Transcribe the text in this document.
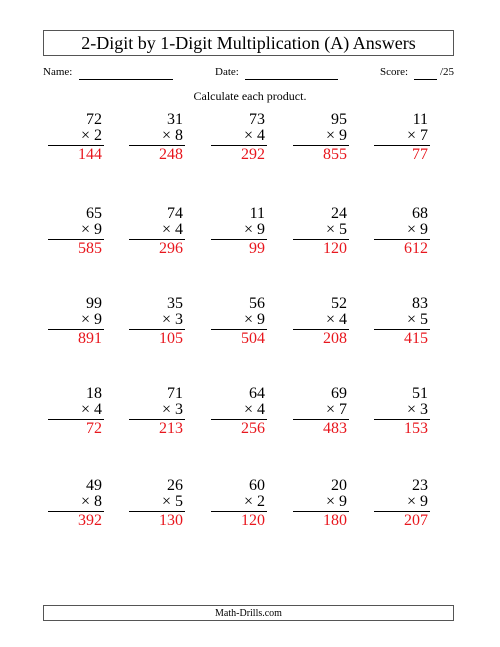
2-Digit by 1-Digit Multiplication (A) Answers
Name:	Date:	Score:	/25
Calculate each product.
72
× 2
144
31
× 8
248
73
× 4
292
95
× 9
855
11
× 7
77
65
× 9
585
74
× 4
296
11
× 9
99
24
× 5
120
68
× 9
612
99
× 9
891
35
× 3
105
56
× 9
504
52
× 4
208
83
× 5
415
18
× 4
72
71
× 3
213
64
× 4
256
69
× 7
483
51
× 3
153
49
× 8
392
26
× 5
130
60
× 2
120
20
× 9
180
23
× 9
207
Math-Drills.com
